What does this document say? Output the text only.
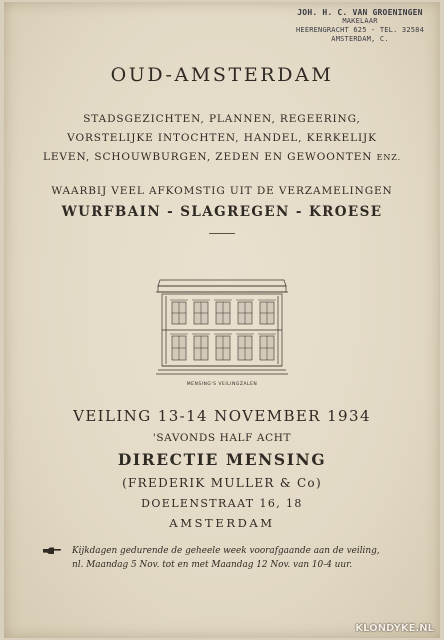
JOH. H. C. VAN GROENINGEN
MAKELAAR
HEERENGRACHT 625 - TEL. 32584
AMSTERDAM, C.
OUD-AMSTERDAM
STADSGEZICHTEN, PLANNEN, REGEERING,
VORSTELIJKE INTOCHTEN, HANDEL, KERKELIJK
LEVEN, SCHOUWBURGEN, ZEDEN EN GEWOONTEN ENZ.
WAARBIJ VEEL AFKOMSTIG UIT DE VERZAMELINGEN
WURFBAIN - SLAGREGEN - KROESE
MENSING'S VEILINGZALEN
VEILING 13-14 NOVEMBER 1934
'SAVONDS HALF ACHT
DIRECTIE MENSING
(FREDERIK MULLER & Co)
DOELENSTRAAT 16, 18
AMSTERDAM
Kijkdagen gedurende de geheele week voorafgaande aan de veiling,
nl. Maandag 5 Nov. tot en met Maandag 12 Nov. van 10-4 uur.
KLONDYKE.NL
